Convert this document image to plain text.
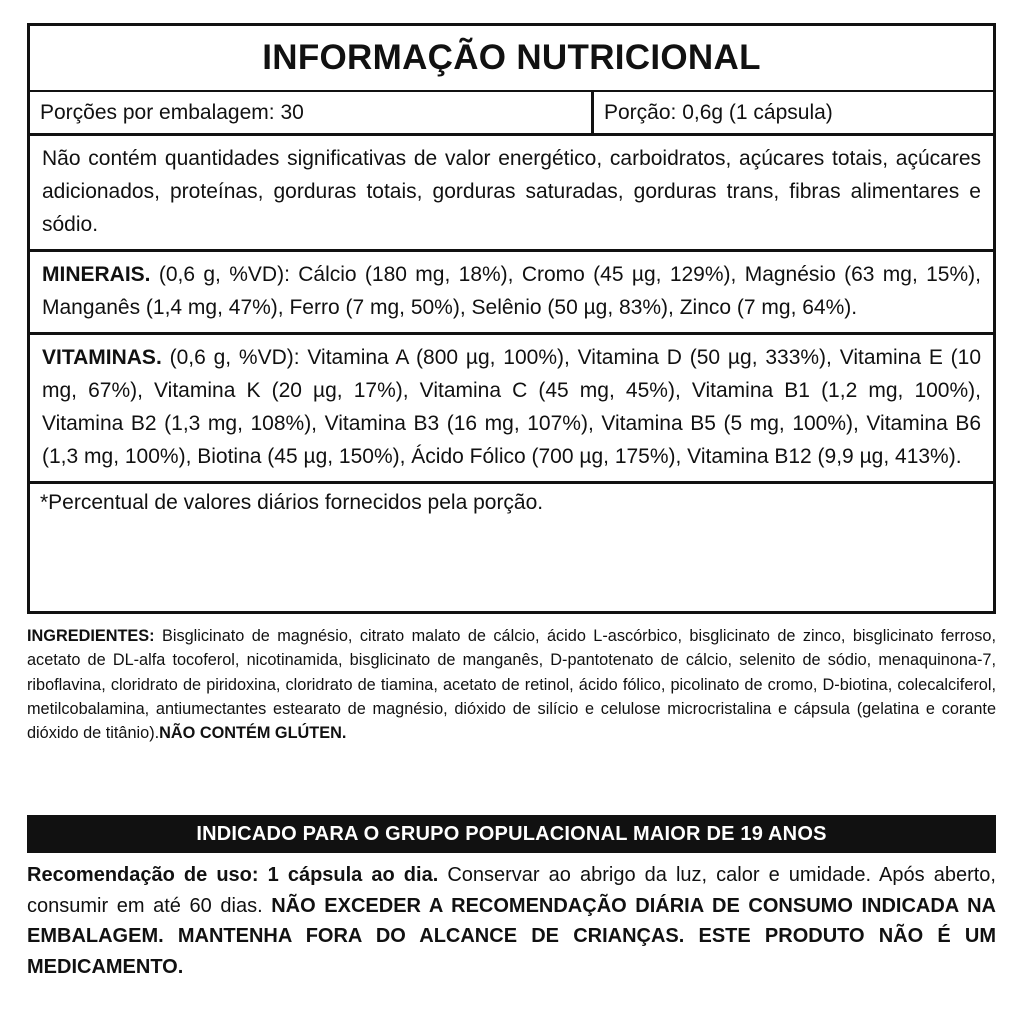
INFORMAÇÃO NUTRICIONAL
Porções por embalagem: 30	Porção: 0,6g (1 cápsula)
Não contém quantidades significativas de valor energético, carboidratos, açúcares totais, açúcares adicionados, proteínas, gorduras totais, gorduras saturadas, gorduras trans, fibras alimentares e sódio.
MINERAIS. (0,6 g, %VD): Cálcio (180 mg, 18%), Cromo (45 µg, 129%), Magnésio (63 mg, 15%), Manganês (1,4 mg, 47%), Ferro (7 mg, 50%), Selênio (50 µg, 83%), Zinco (7 mg, 64%).
VITAMINAS. (0,6 g, %VD): Vitamina A (800 µg, 100%), Vitamina D (50 µg, 333%), Vitamina E (10 mg, 67%), Vitamina K (20 µg, 17%), Vitamina C (45 mg, 45%), Vitamina B1 (1,2 mg, 100%), Vitamina B2 (1,3 mg, 108%), Vitamina B3 (16 mg, 107%), Vitamina B5 (5 mg, 100%), Vitamina B6 (1,3 mg, 100%), Biotina (45 µg, 150%), Ácido Fólico (700 µg, 175%), Vitamina B12 (9,9 µg, 413%).
*Percentual de valores diários fornecidos pela porção.
INGREDIENTES: Bisglicinato de magnésio, citrato malato de cálcio, ácido L-ascórbico, bisglicinato de zinco, bisglicinato ferroso, acetato de DL-alfa tocoferol, nicotinamida, bisglicinato de manganês, D-pantotenato de cálcio, selenito de sódio, menaquinona-7, riboflavina, cloridrato de piridoxina, cloridrato de tiamina, acetato de retinol, ácido fólico, picolinato de cromo, D-biotina, colecalciferol, metilcobalamina, antiumectantes estearato de magnésio, dióxido de silício e celulose microcristalina e cápsula (gelatina e corante dióxido de titânio).NÃO CONTÉM GLÚTEN.
INDICADO PARA O GRUPO POPULACIONAL MAIOR DE 19 ANOS
Recomendação de uso: 1 cápsula ao dia. Conservar ao abrigo da luz, calor e umidade. Após aberto, consumir em até 60 dias. NÃO EXCEDER A RECOMENDAÇÃO DIÁRIA DE CONSUMO INDICADA NA EMBALAGEM. MANTENHA FORA DO ALCANCE DE CRIANÇAS. ESTE PRODUTO NÃO É UM MEDICAMENTO.
